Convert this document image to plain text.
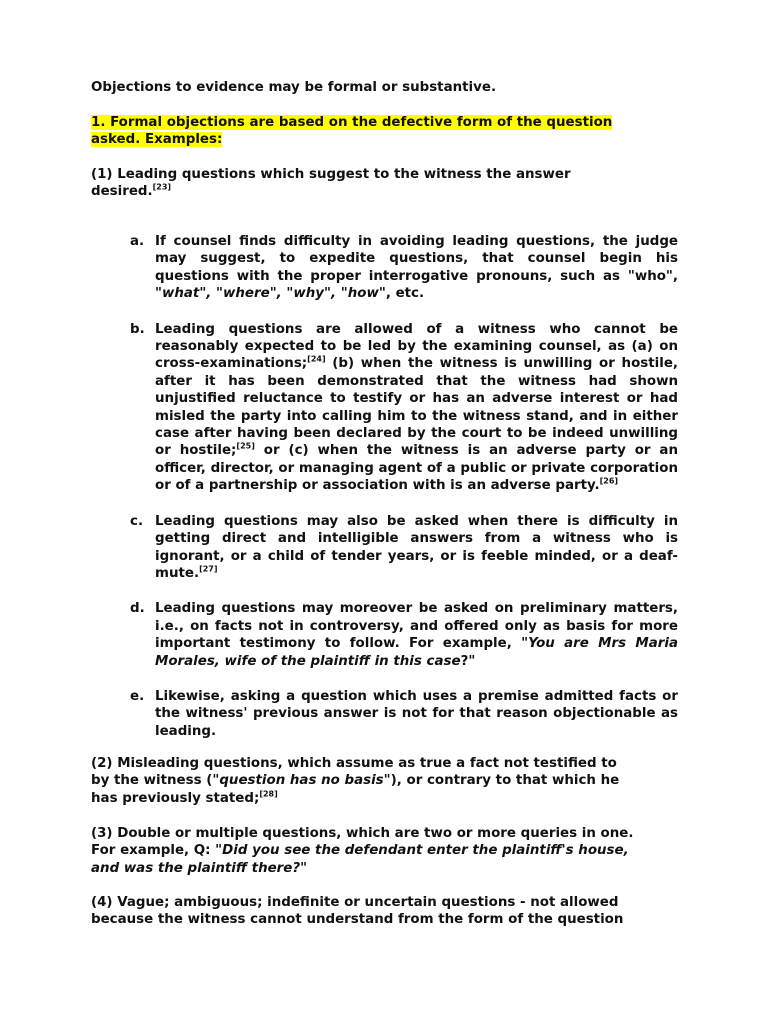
Objections to evidence may be formal or substantive.

1. Formal objections are based on the defective form of the question
asked. Examples:

(1) Leading questions which suggest to the witness the answer desired.[23]

a. If counsel finds difficulty in avoiding leading questions, the judge may suggest, to expedite questions, that counsel begin his questions with the proper interrogative pronouns, such as "who", "what", "where", "why", "how", etc.

b. Leading questions are allowed of a witness who cannot be reasonably expected to be led by the examining counsel, as (a) on cross-examinations;[24] (b) when the witness is unwilling or hostile, after it has been demonstrated that the witness had shown unjustified reluctance to testify or has an adverse interest or had misled the party into calling him to the witness stand, and in either case after having been declared by the court to be indeed unwilling or hostile;[25] or (c) when the witness is an adverse party or an officer, director, or managing agent of a public or private corporation or of a partnership or association with is an adverse party.[26]

c. Leading questions may also be asked when there is difficulty in getting direct and intelligible answers from a witness who is ignorant, or a child of tender years, or is feeble minded, or a deaf-mute.[27]

d. Leading questions may moreover be asked on preliminary matters, i.e., on facts not in controversy, and offered only as basis for more important testimony to follow. For example, "You are Mrs Maria Morales, wife of the plaintiff in this case?"

e. Likewise, asking a question which uses a premise admitted facts or the witness' previous answer is not for that reason objectionable as leading.

(2) Misleading questions, which assume as true a fact not testified to
by the witness ("question has no basis"), or contrary to that which he
has previously stated;[28]

(3) Double or multiple questions, which are two or more queries in one.
For example, Q: "Did you see the defendant enter the plaintiff's house,
and was the plaintiff there?"

(4) Vague; ambiguous; indefinite or uncertain questions - not allowed
because the witness cannot understand from the form of the question
